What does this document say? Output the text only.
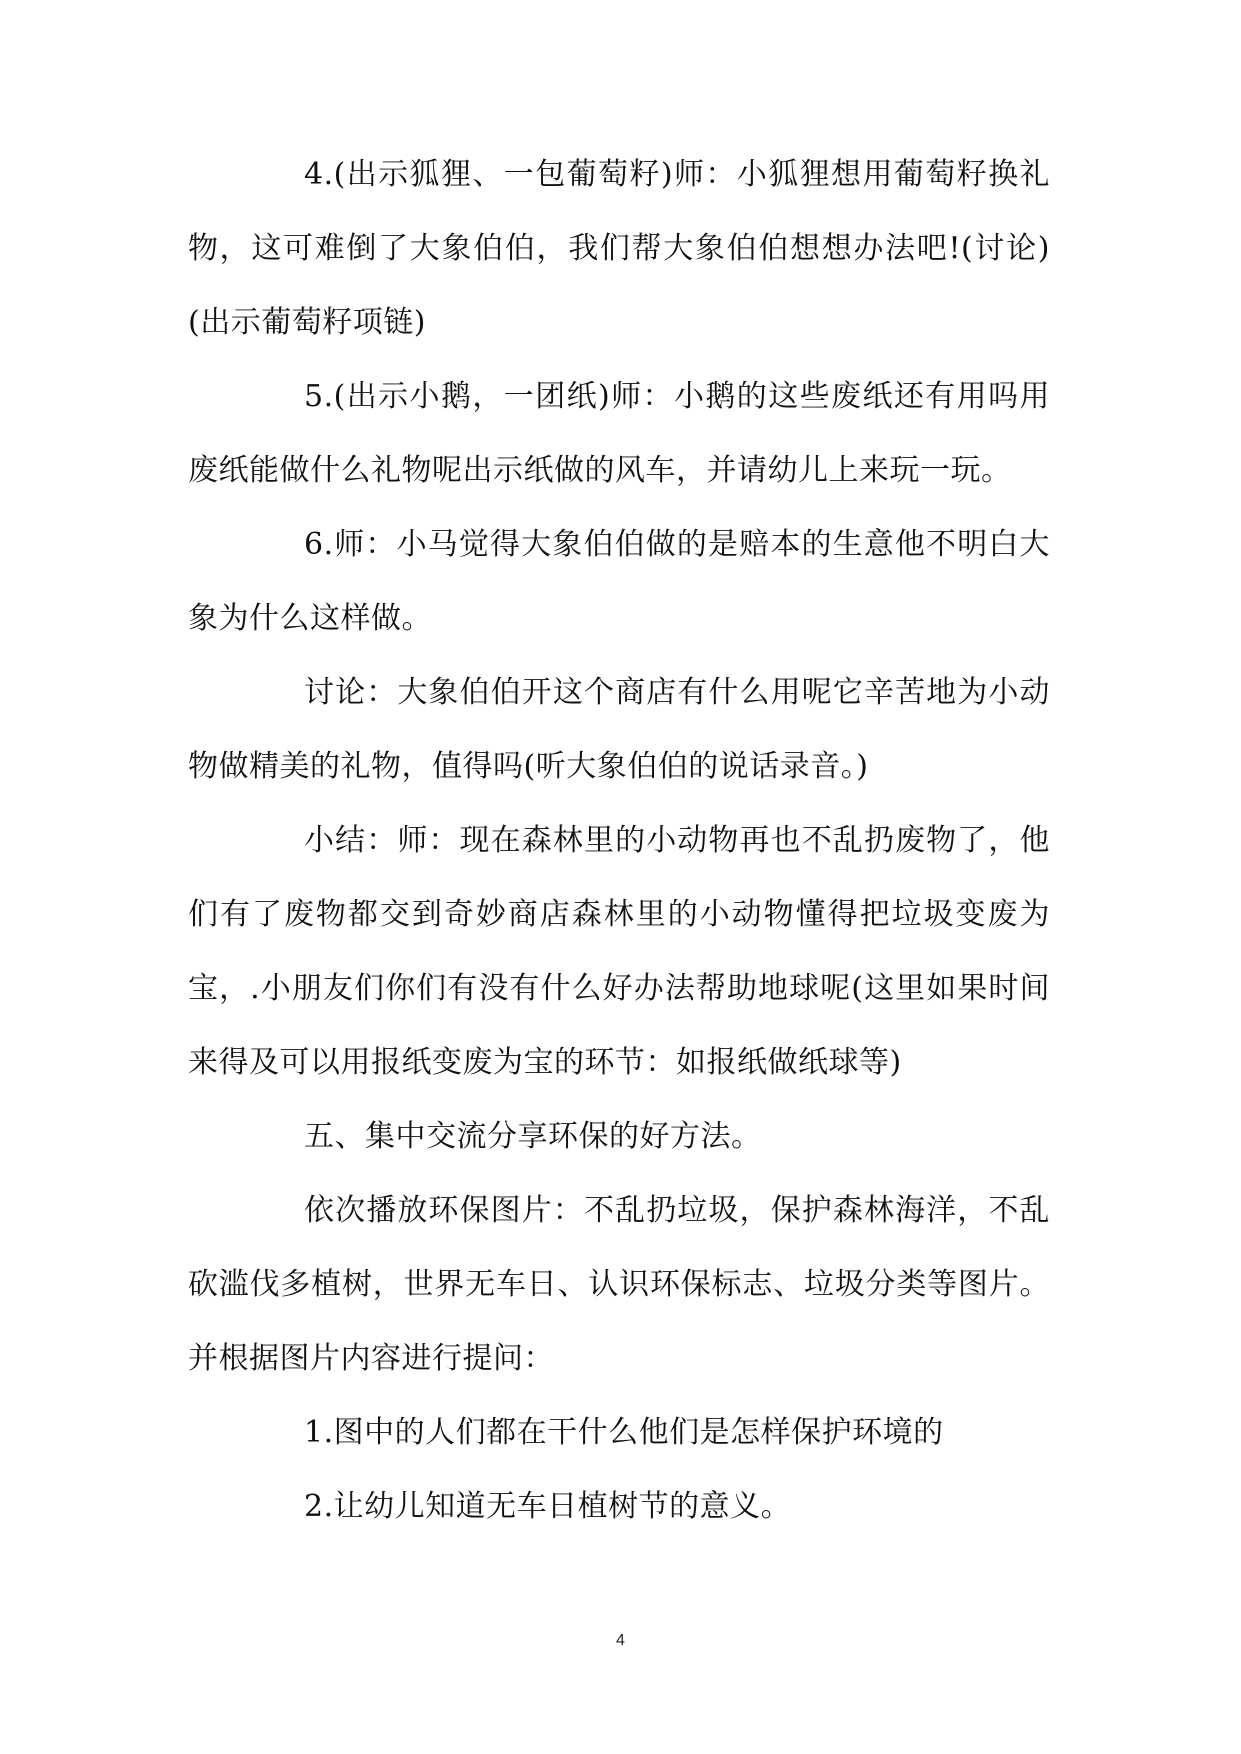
4.(出示狐狸、一包葡萄籽)师：小狐狸想用葡萄籽换礼物，这可难倒了大象伯伯，我们帮大象伯伯想想办法吧!(讨论)(出示葡萄籽项链)

5.(出示小鹅，一团纸)师：小鹅的这些废纸还有用吗用废纸能做什么礼物呢出示纸做的风车，并请幼儿上来玩一玩。

6.师：小马觉得大象伯伯做的是赔本的生意他不明白大象为什么这样做。

讨论：大象伯伯开这个商店有什么用呢它辛苦地为小动物做精美的礼物，值得吗(听大象伯伯的说话录音。)

小结：师：现在森林里的小动物再也不乱扔废物了，他们有了废物都交到奇妙商店森林里的小动物懂得把垃圾变废为宝，.小朋友们你们有没有什么好办法帮助地球呢(这里如果时间来得及可以用报纸变废为宝的环节：如报纸做纸球等)

五、集中交流分享环保的好方法。

依次播放环保图片：不乱扔垃圾，保护森林海洋，不乱砍滥伐多植树，世界无车日、认识环保标志、垃圾分类等图片。并根据图片内容进行提问：

1.图中的人们都在干什么他们是怎样保护环境的

2.让幼儿知道无车日植树节的意义。

4
